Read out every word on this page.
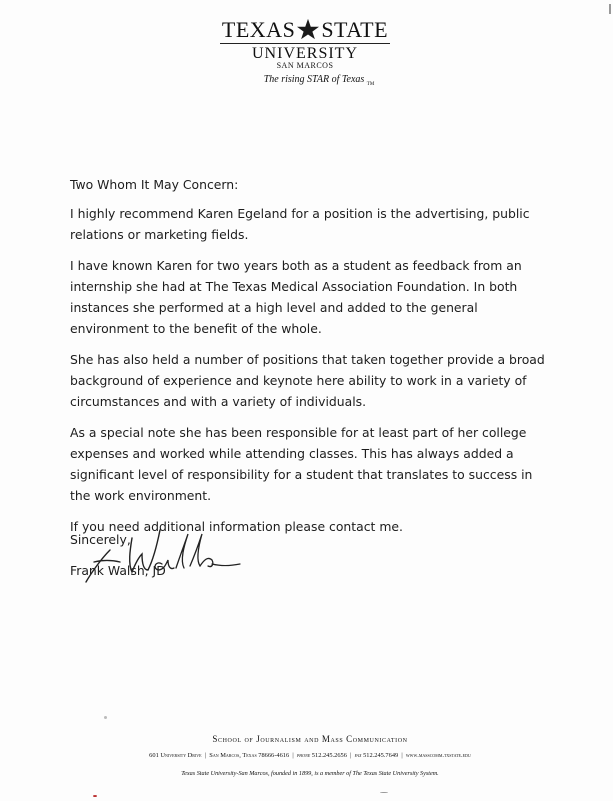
TEXAS STATE
UNIVERSITY
SAN MARCOS
The rising STAR of Texas $_{TM}$

Two Whom It May Concern:

I highly recommend Karen Egeland for a position is the advertising, public relations or marketing fields.

I have known Karen for two years both as a student as feedback from an internship she had at The Texas Medical Association Foundation. In both instances she performed at a high level and added to the general environment to the benefit of the whole.

She has also held a number of positions that taken together provide a broad background of experience and keynote here ability to work in a variety of circumstances and with a variety of individuals.

As a special note she has been responsible for at least part of her college expenses and worked while attending classes. This has always added a significant level of responsibility for a student that translates to success in the work environment.

If you need additional information please contact me.

Sincerely,
Frank Walsh, JD
School of Journalism and Mass Communication
601 University Drive  |  San Marcos, Texas 78666-4616  |  phone 512.245.2656  |  fax 512.245.7649  |  www.masscomm.txstate.edu
Texas State University-San Marcos, founded in 1899, is a member of The Texas State University System.
